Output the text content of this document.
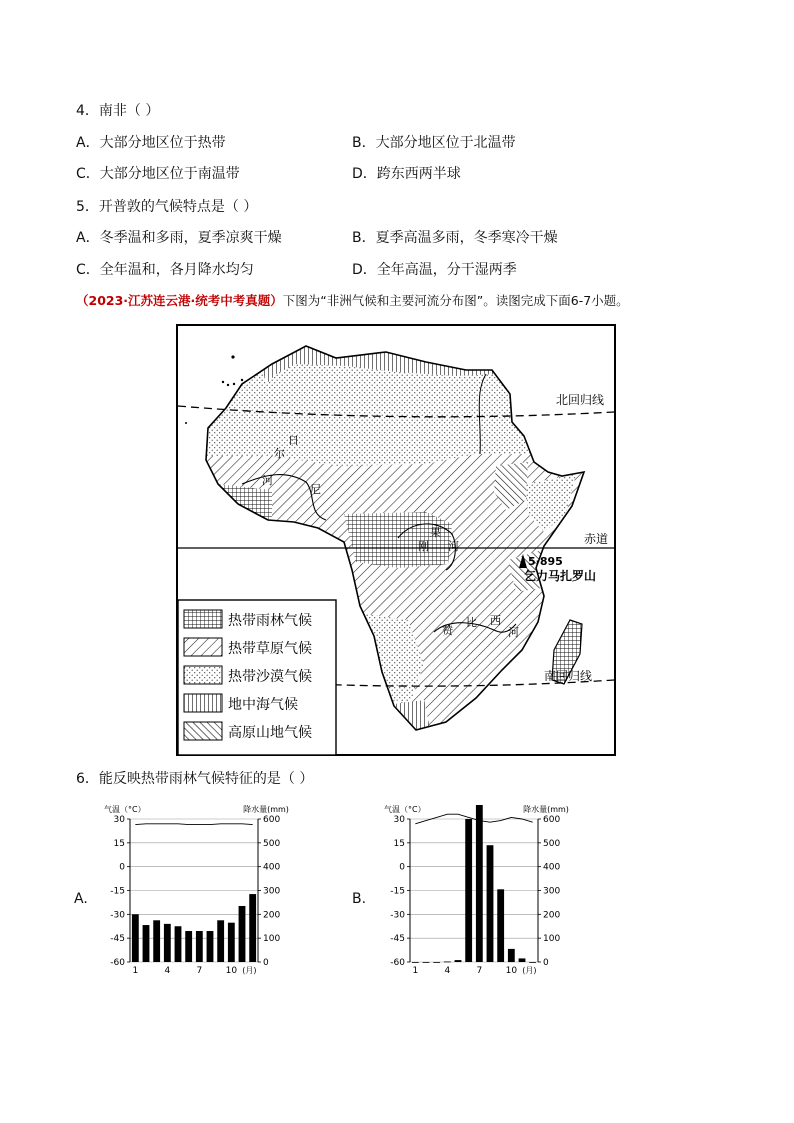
4．南非（ ）
A．大部分地区位于热带	B．大部分地区位于北温带
C．大部分地区位于南温带	D．跨东西两半球
5．开普敦的气候特点是（ ）
A．冬季温和多雨，夏季凉爽干燥	B．夏季高温多雨，冬季寒冷干燥
C．全年温和，各月降水均匀	D．全年高温，分干湿两季
（2023·江苏连云港·统考中考真题）下图为“非洲气候和主要河流分布图”。读图完成下面6-7小题。
北回归线
赤道
南回归线
5·895
乞力马扎罗山
尼
日
尔
河
果
刚 河
赞
比 西
河
热带雨林气候
热带草原气候
热带沙漠气候
地中海气候
高原山地气候
6．能反映热带雨林气候特征的是（ ）
A.	B.
气温（°C）	降水量(mm)
30	600
15	500
0	400
-15	300
-30	200
-45	100
-60	0
1	4	7	10 (月)
气温（°C）	降水量(mm)
30	600
15	500
0	400
-15	300
-30	200
-45	100
-60	0
1	4	7	10 (月)
